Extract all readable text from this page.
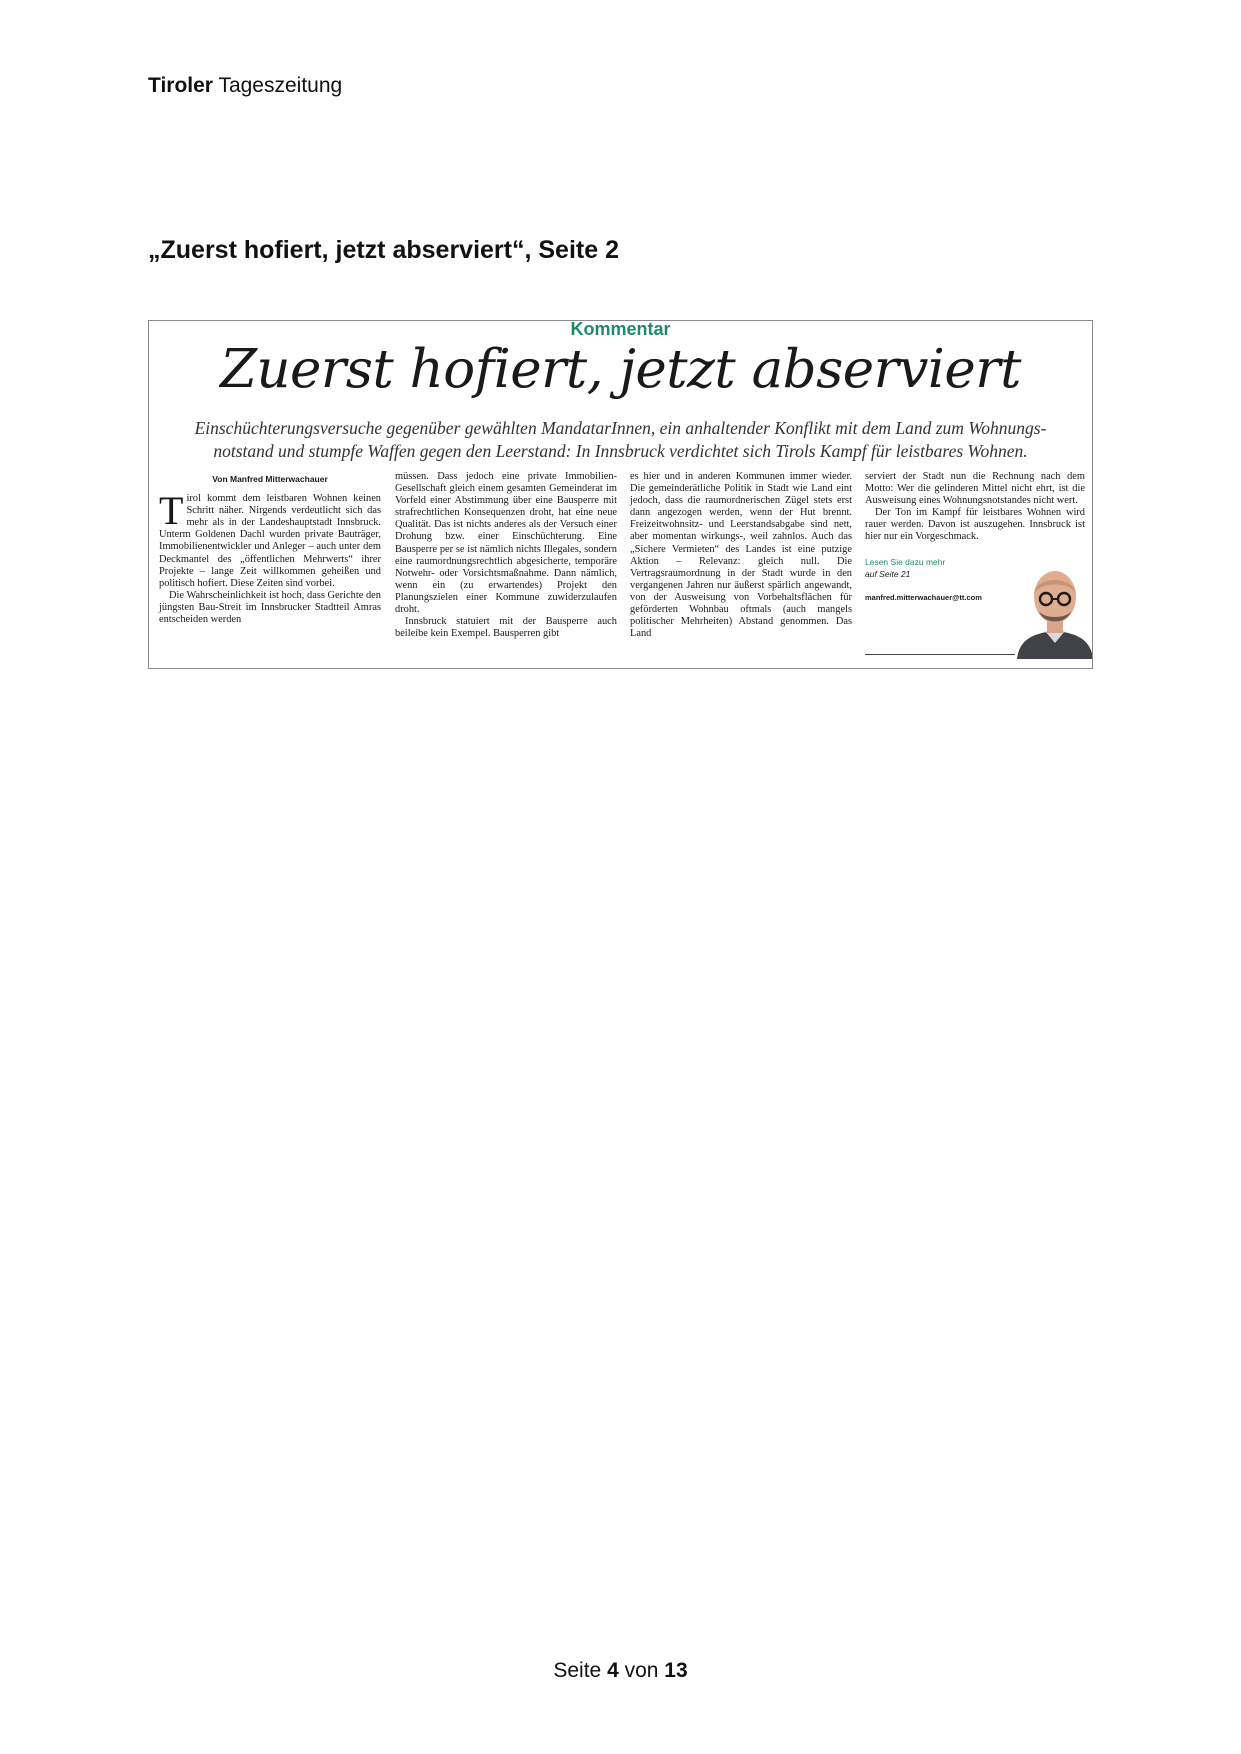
Tiroler Tageszeitung
„Zuerst hofiert, jetzt abserviert“, Seite 2
Kommentar
Zuerst hofiert, jetzt abserviert
Einschüchterungsversuche gegenüber gewählten MandatarInnen, ein anhaltender Konflikt mit dem Land zum Wohnungs-
notstand und stumpfe Waffen gegen den Leerstand: In Innsbruck verdichtet sich Tirols Kampf für leistbares Wohnen.
Von Manfred Mitterwachauer

Tirol kommt dem leistbaren Wohnen keinen Schritt näher. Nirgends verdeutlicht sich das mehr als in der Landeshauptstadt Innsbruck. Unterm Goldenen Dachl wurden private Bauträger, Immobilienentwickler und Anleger – auch unter dem Deckmantel des „öffentlichen Mehrwerts“ ihrer Projekte – lange Zeit willkommen geheißen und politisch hofiert. Diese Zeiten sind vorbei.

Die Wahrscheinlichkeit ist hoch, dass Gerichte den jüngsten Bau-Streit im Innsbrucker Stadtteil Amras entscheiden werden

müssen. Dass jedoch eine private Immobilien-Gesellschaft gleich einem gesamten Gemeinderat im Vorfeld einer Abstimmung über eine Bausperre mit strafrechtlichen Konsequenzen droht, hat eine neue Qualität. Das ist nichts anderes als der Versuch einer Drohung bzw. einer Einschüchterung. Eine Bausperre per se ist nämlich nichts Illegales, sondern eine raumordnungsrechtlich abgesicherte, temporäre Notwehr- oder Vorsichtsmaßnahme. Dann nämlich, wenn ein (zu erwartendes) Projekt den Planungszielen einer Kommune zuwiderzulaufen droht.

Innsbruck statuiert mit der Bausperre auch beileibe kein Exempel. Bausperren gibt

es hier und in anderen Kommunen immer wieder. Die gemeinderätliche Politik in Stadt wie Land eint jedoch, dass die raumordnerischen Zügel stets erst dann angezogen werden, wenn der Hut brennt. Freizeitwohnsitz- und Leerstandsabgabe sind nett, aber momentan wirkungs-, weil zahnlos. Auch das „Sichere Vermieten“ des Landes ist eine putzige Aktion – Relevanz: gleich null. Die Vertragsraumordnung in der Stadt wurde in den vergangenen Jahren nur äußerst spärlich angewandt, von der Ausweisung von Vorbehaltsflächen für geförderten Wohnbau oftmals (auch mangels politischer Mehrheiten) Abstand genommen. Das Land

serviert der Stadt nun die Rechnung nach dem Motto: Wer die gelinderen Mittel nicht ehrt, ist die Ausweisung eines Wohnungsnotstandes nicht wert.

Der Ton im Kampf für leistbares Wohnen wird rauer werden. Davon ist auszugehen. Innsbruck ist hier nur ein Vorgeschmack.

Lesen Sie dazu mehr
auf Seite 21
manfred.mitterwachauer@tt.com
Seite 4 von 13
